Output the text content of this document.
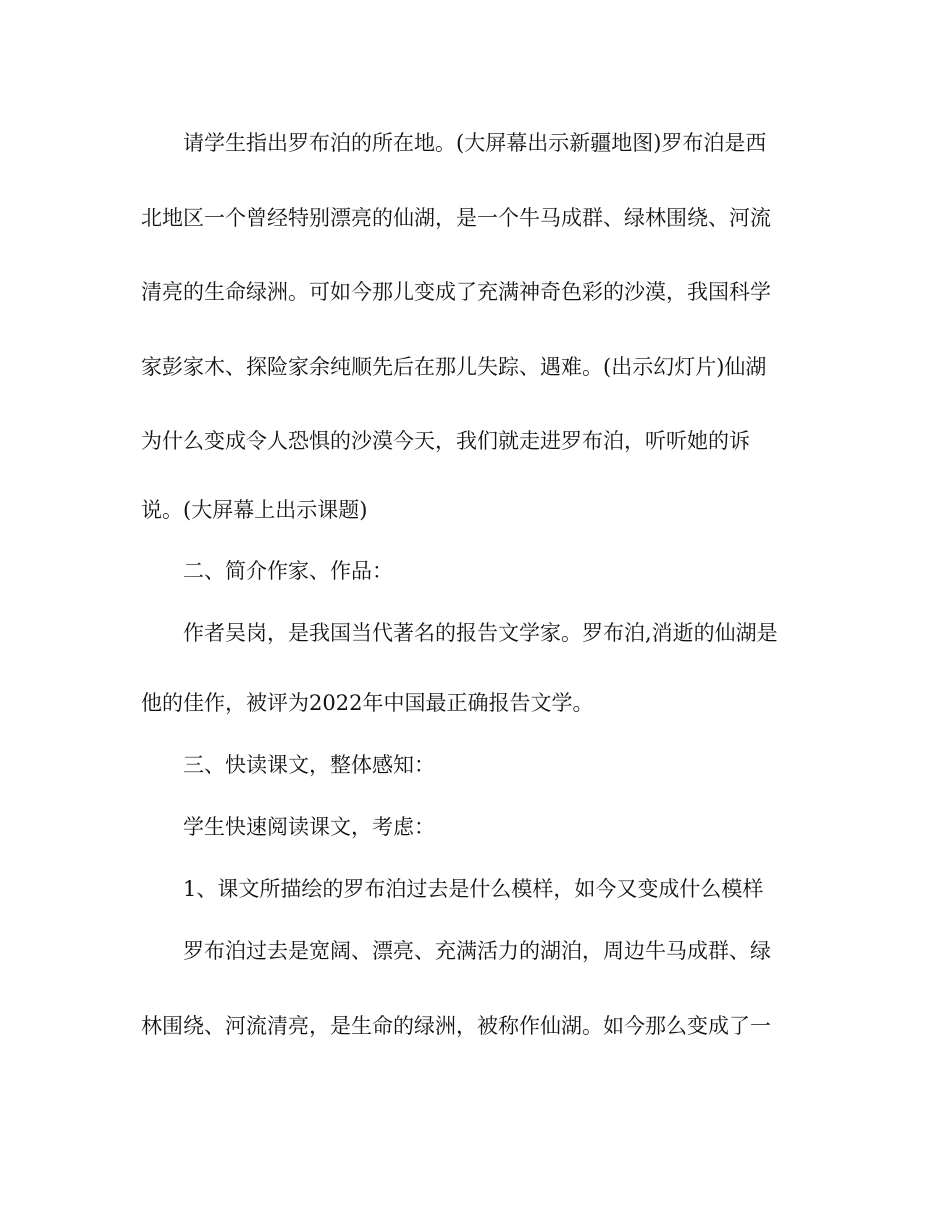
请学生指出罗布泊的所在地。(大屏幕出示新疆地图)罗布泊是西
北地区一个曾经特别漂亮的仙湖，是一个牛马成群、绿林围绕、河流
清亮的生命绿洲。可如今那儿变成了充满神奇色彩的沙漠，我国科学
家彭家木、探险家余纯顺先后在那儿失踪、遇难。(出示幻灯片)仙湖
为什么变成令人恐惧的沙漠今天，我们就走进罗布泊，听听她的诉
说。(大屏幕上出示课题)
二、简介作家、作品：
作者吴岗，是我国当代著名的报告文学家。罗布泊,消逝的仙湖是
他的佳作，被评为2022年中国最正确报告文学。
三、快读课文，整体感知：
学生快速阅读课文，考虑：
1、课文所描绘的罗布泊过去是什么模样，如今又变成什么模样
罗布泊过去是宽阔、漂亮、充满活力的湖泊，周边牛马成群、绿
林围绕、河流清亮，是生命的绿洲，被称作仙湖。如今那么变成了一
